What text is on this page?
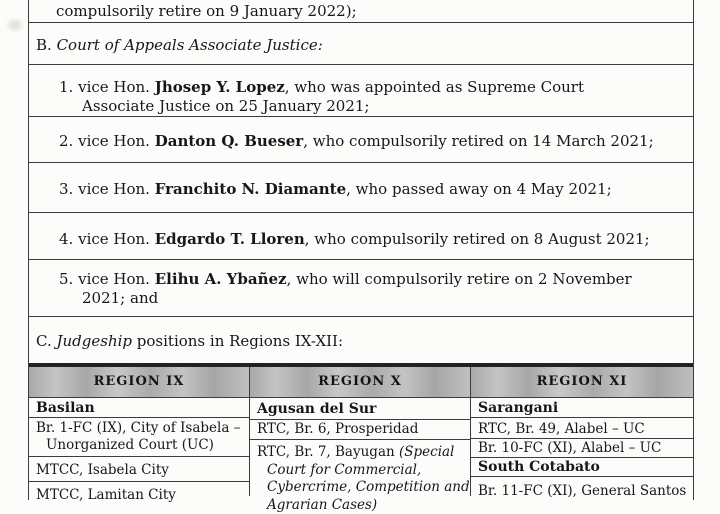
compulsorily retire on 9 January 2022);
B. Court of Appeals Associate Justice:
1. vice Hon. Jhosep Y. Lopez, who was appointed as Supreme Court
Associate Justice on 25 January 2021;
2. vice Hon. Danton Q. Bueser, who compulsorily retired on 14 March 2021;
3. vice Hon. Franchito N. Diamante, who passed away on 4 May 2021;
4. vice Hon. Edgardo T. Lloren, who compulsorily retired on 8 August 2021;
5. vice Hon. Elihu A. Ybañez, who will compulsorily retire on 2 November
2021; and
C. Judgeship positions in Regions IX-XII:
REGION IX
Basilan
Br. 1-FC (IX), City of Isabela –
Unorganized Court (UC)
MTCC, Isabela City
MTCC, Lamitan City
REGION X
Agusan del Sur
RTC, Br. 6, Prosperidad
RTC, Br. 7, Bayugan (Special
Court for Commercial,
Cybercrime, Competition and
Agrarian Cases)
REGION XI
Sarangani
RTC, Br. 49, Alabel – UC
Br. 10-FC (XI), Alabel – UC
South Cotabato
Br. 11-FC (XI), General Santos
